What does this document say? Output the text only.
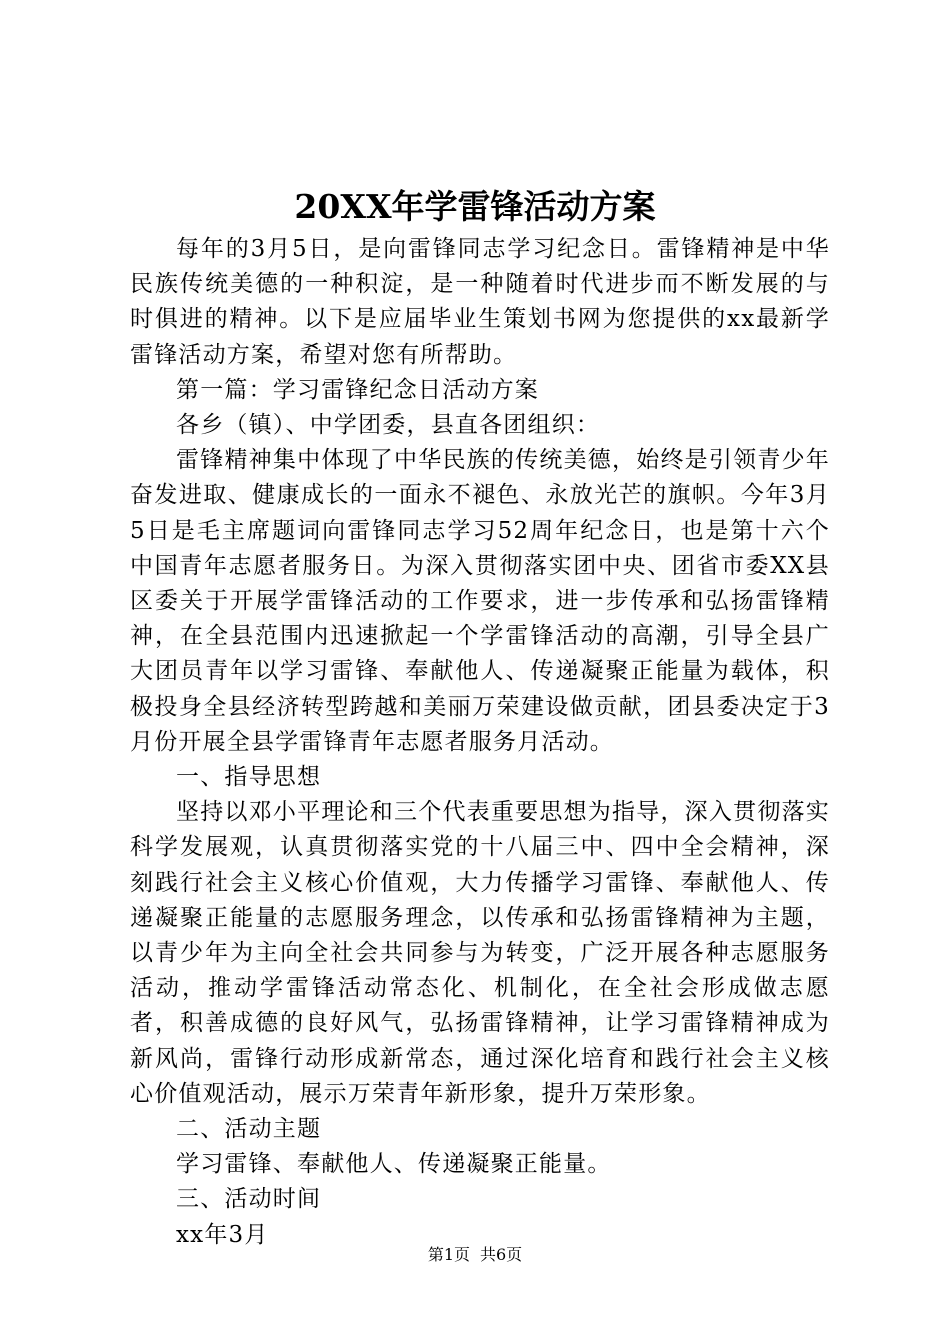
20XX年学雷锋活动方案

每年的3月5日，是向雷锋同志学习纪念日。雷锋精神是中华民族传统美德的一种积淀，是一种随着时代进步而不断发展的与时俱进的精神。以下是应届毕业生策划书网为您提供的xx最新学雷锋活动方案，希望对您有所帮助。

第一篇：学习雷锋纪念日活动方案

各乡（镇）、中学团委，县直各团组织：

雷锋精神集中体现了中华民族的传统美德，始终是引领青少年奋发进取、健康成长的一面永不褪色、永放光芒的旗帜。今年3月5日是毛主席题词向雷锋同志学习52周年纪念日，也是第十六个中国青年志愿者服务日。为深入贯彻落实团中央、团省市委XX县区委关于开展学雷锋活动的工作要求，进一步传承和弘扬雷锋精神，在全县范围内迅速掀起一个学雷锋活动的高潮，引导全县广大团员青年以学习雷锋、奉献他人、传递凝聚正能量为载体，积极投身全县经济转型跨越和美丽万荣建设做贡献，团县委决定于3月份开展全县学雷锋青年志愿者服务月活动。

一、指导思想

坚持以邓小平理论和三个代表重要思想为指导，深入贯彻落实科学发展观，认真贯彻落实党的十八届三中、四中全会精神，深刻践行社会主义核心价值观，大力传播学习雷锋、奉献他人、传递凝聚正能量的志愿服务理念，以传承和弘扬雷锋精神为主题，以青少年为主向全社会共同参与为转变，广泛开展各种志愿服务活动，推动学雷锋活动常态化、机制化，在全社会形成做志愿者，积善成德的良好风气，弘扬雷锋精神，让学习雷锋精神成为新风尚，雷锋行动形成新常态，通过深化培育和践行社会主义核心价值观活动，展示万荣青年新形象，提升万荣形象。

二、活动主题

学习雷锋、奉献他人、传递凝聚正能量。

三、活动时间

xx年3月

第1页 共6页
